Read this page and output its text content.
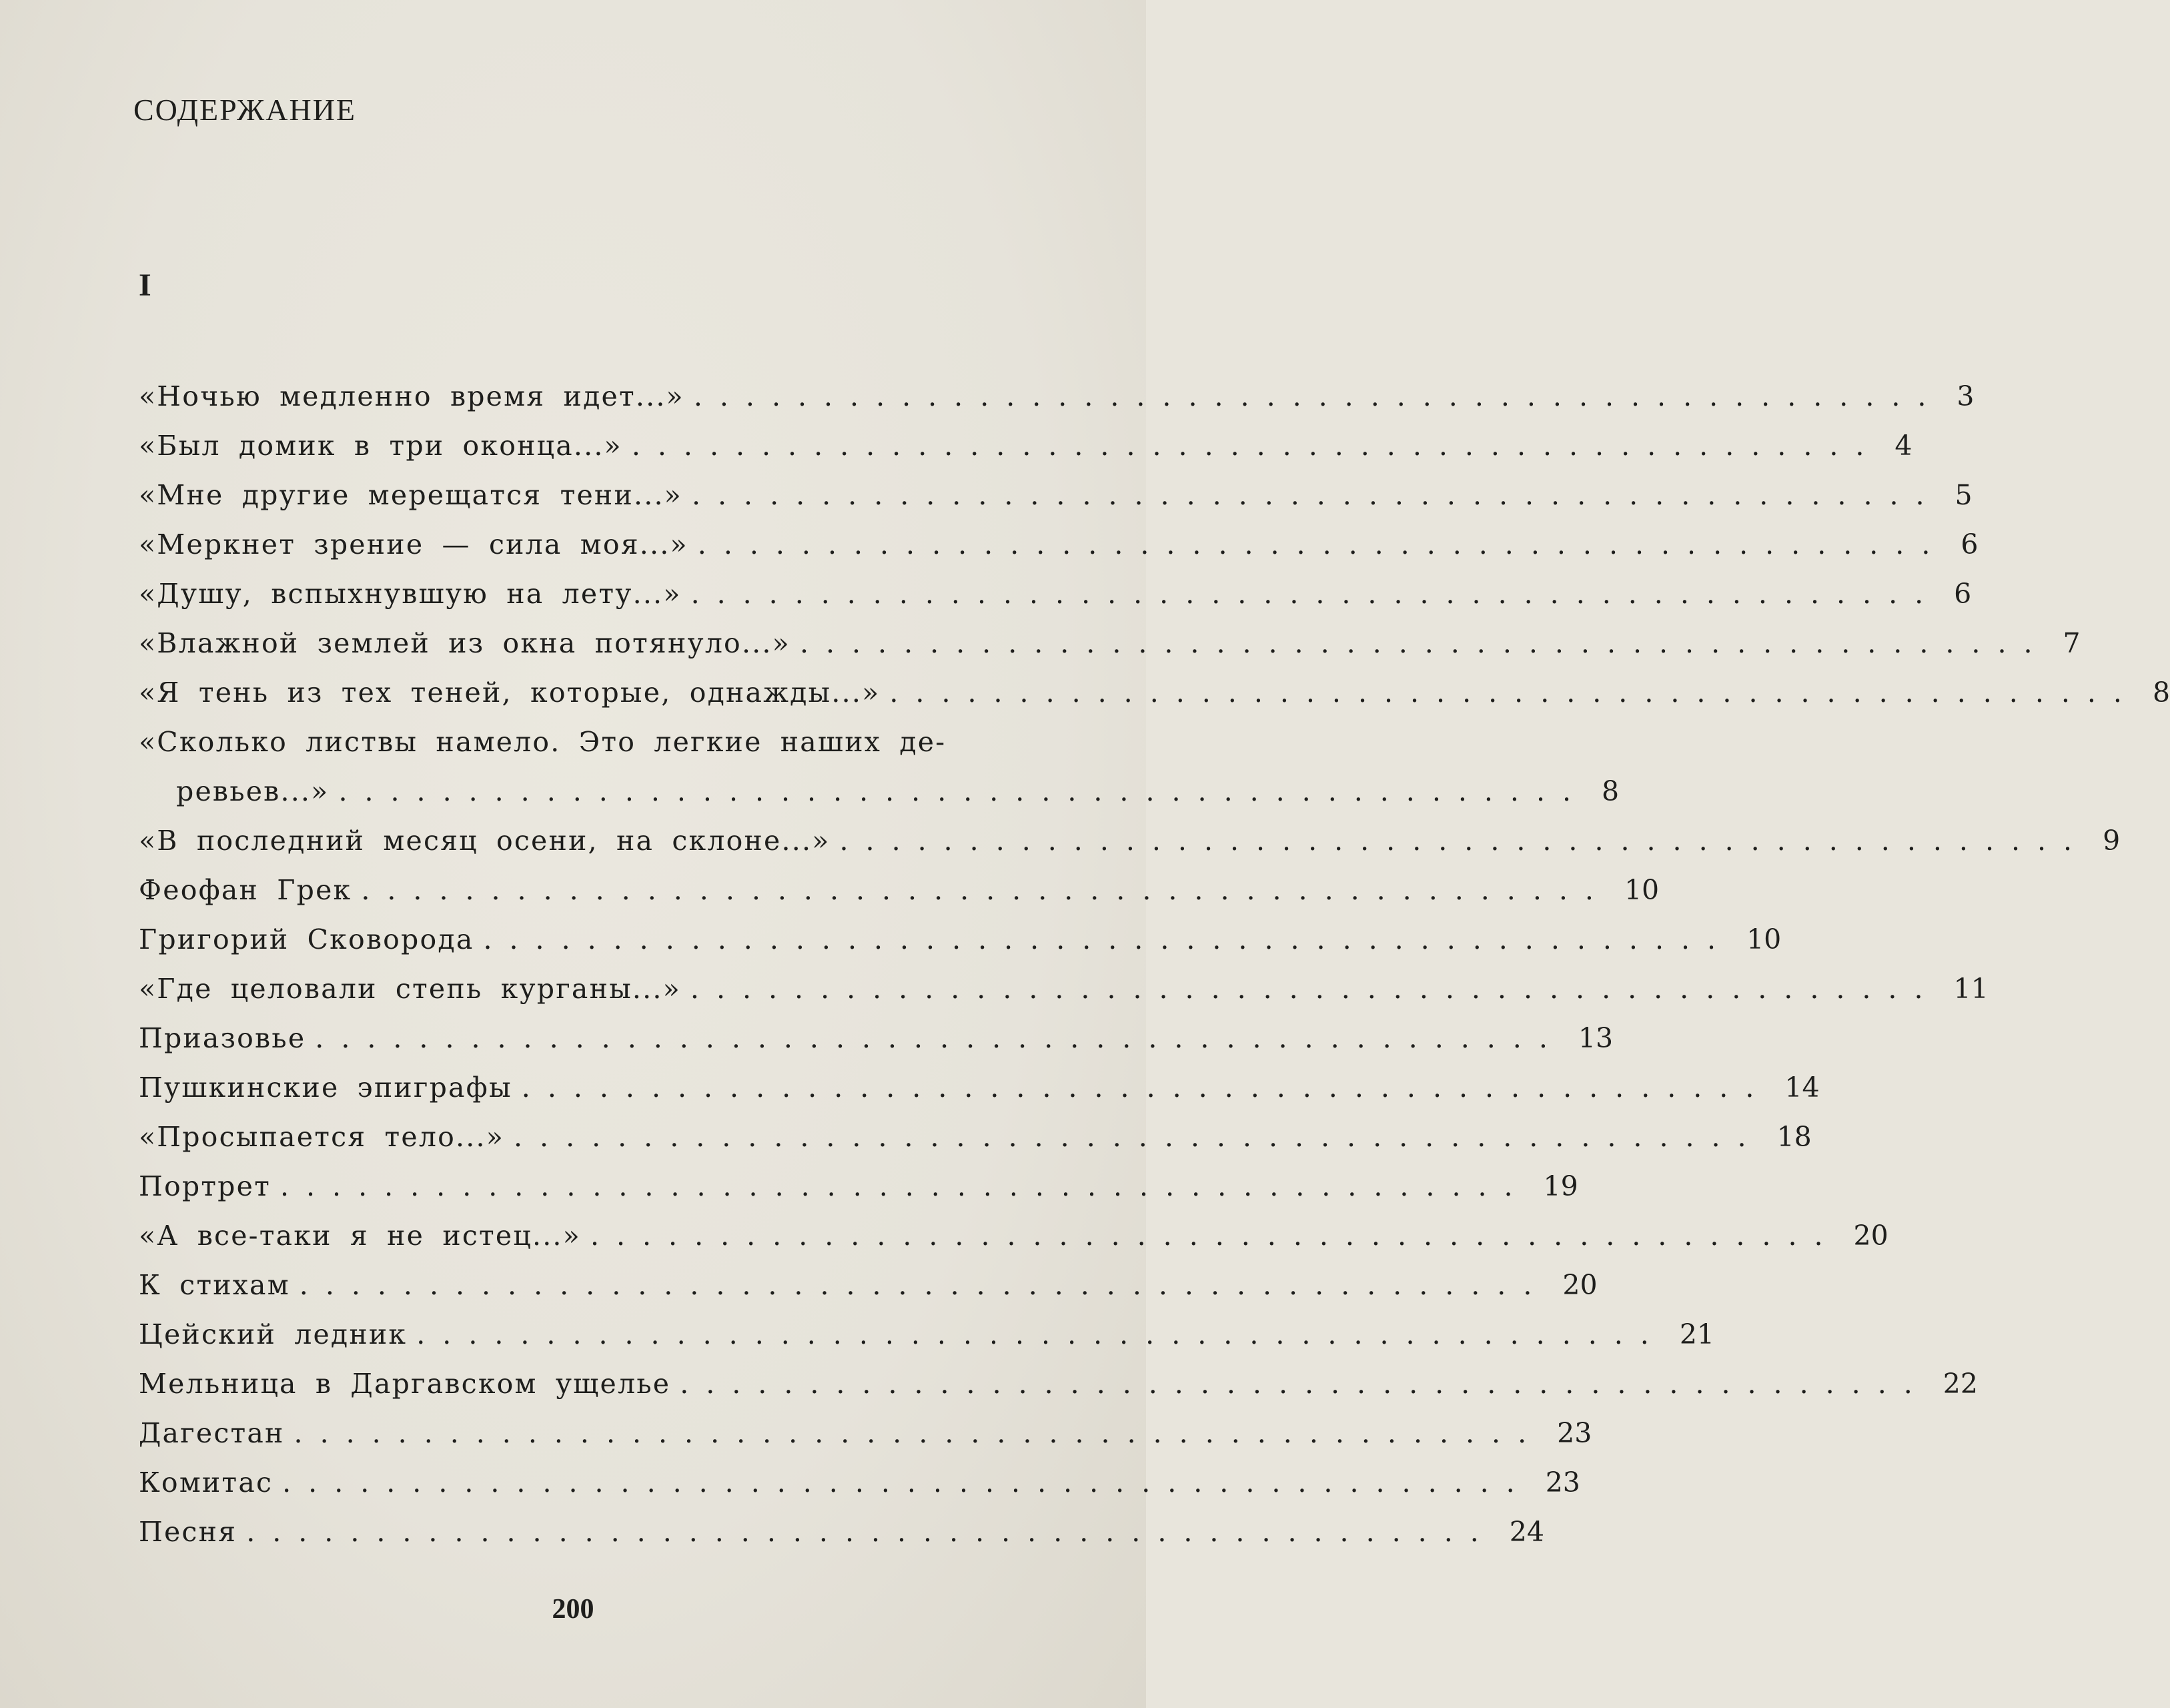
СОДЕРЖАНИЕ
I
«Ночью медленно время идет...» ................................................ 3
«Был домик в три оконца...» ................................................ 4
«Мне другие мерещатся тени...» ................................................ 5
«Меркнет зрение — сила моя...» ................................................ 6
«Душу, вспыхнувшую на лету...» ................................................ 6
«Влажной землей из окна потянуло...» ................................................ 7
«Я тень из тех теней, которые, однажды...» ................................................ 8
«Сколько листвы намело. Это легкие наших де-
ревьев...» ................................................ 8
«В последний месяц осени, на склоне...» ................................................ 9
Феофан Грек ................................................ 10
Григорий Сковорода ................................................ 10
«Где целовали степь курганы...» ................................................ 11
Приазовье ................................................ 13
Пушкинские эпиграфы ................................................ 14
«Просыпается тело...» ................................................ 18
Портрет ................................................ 19
«А все-таки я не истец...» ................................................ 20
К стихам ................................................ 20
Цейский ледник ................................................ 21
Мельница в Даргавском ущелье ................................................ 22
Дагестан ................................................ 23
Комитас ................................................ 23
Песня ................................................ 24
200
